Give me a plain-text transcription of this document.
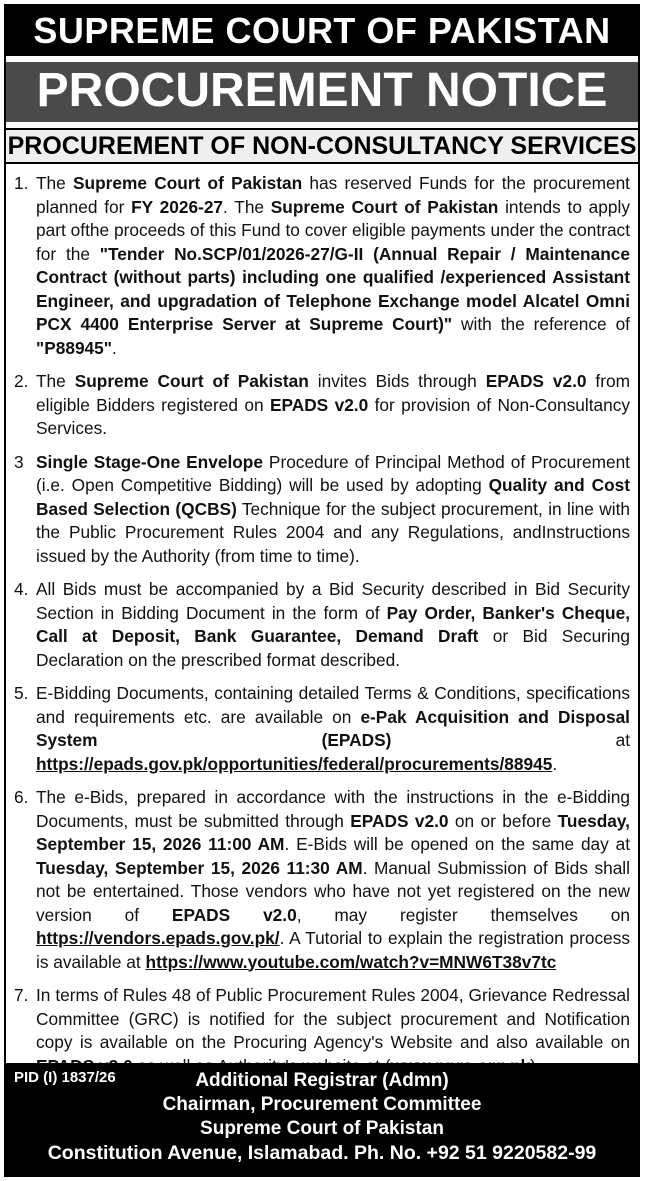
SUPREME COURT OF PAKISTAN
PROCUREMENT NOTICE
PROCUREMENT OF NON-CONSULTANCY SERVICES
1. The Supreme Court of Pakistan has reserved Funds for the procurement planned for FY 2026-27. The Supreme Court of Pakistan intends to apply part ofthe proceeds of this Fund to cover eligible payments under the contract for the "Tender No.SCP/01/2026-27/G-II (Annual Repair / Maintenance Contract (without parts) including one qualified /experienced Assistant Engineer, and upgradation of Telephone Exchange model Alcatel Omni PCX 4400 Enterprise Server at Supreme Court)" with the reference of "P88945".
2. The Supreme Court of Pakistan invites Bids through EPADS v2.0 from eligible Bidders registered on EPADS v2.0 for provision of Non-Consultancy Services.
3 Single Stage-One Envelope Procedure of Principal Method of Procurement (i.e. Open Competitive Bidding) will be used by adopting Quality and Cost Based Selection (QCBS) Technique for the subject procurement, in line with the Public Procurement Rules 2004 and any Regulations, andInstructions issued by the Authority (from time to time).
4. All Bids must be accompanied by a Bid Security described in Bid Security Section in Bidding Document in the form of Pay Order, Banker's Cheque, Call at Deposit, Bank Guarantee, Demand Draft or Bid Securing Declaration on the prescribed format described.
5. E-Bidding Documents, containing detailed Terms & Conditions, specifications and requirements etc. are available on e-Pak Acquisition and Disposal System (EPADS) at https://epads.gov.pk/opportunities/federal/procurements/88945.
6. The e-Bids, prepared in accordance with the instructions in the e-Bidding Documents, must be submitted through EPADS v2.0 on or before Tuesday, September 15, 2026 11:00 AM. E-Bids will be opened on the same day at Tuesday, September 15, 2026 11:30 AM. Manual Submission of Bids shall not be entertained. Those vendors who have not yet registered on the new version of EPADS v2.0, may register themselves on https://vendors.epads.gov.pk/. A Tutorial to explain the registration process is available at https://www.youtube.com/watch?v=MNW6T38v7tc
7. In terms of Rules 48 of Public Procurement Rules 2004, Grievance Redressal Committee (GRC) is notified for the subject procurement and Notification copy is available on the Procuring Agency's Website and also available on
PID (I) 1837/26	Additional Registrar (Admn)
Chairman, Procurement Committee
Supreme Court of Pakistan
Constitution Avenue, Islamabad. Ph. No. +92 51 9220582-99
